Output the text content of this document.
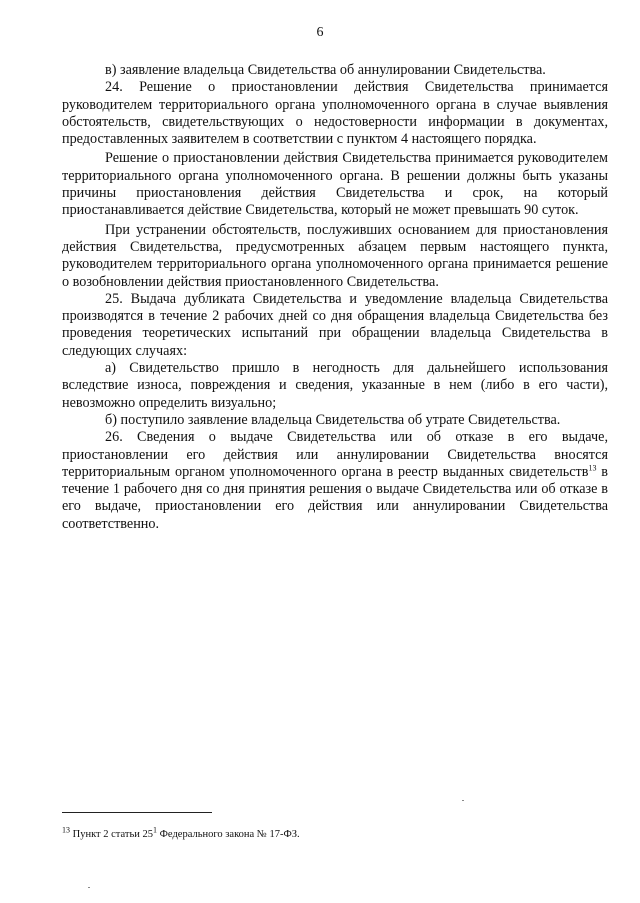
6

в) заявление владельца Свидетельства об аннулировании Свидетельства.

24. Решение о приостановлении действия Свидетельства принимается руководителем территориального органа уполномоченного органа в случае выявления обстоятельств, свидетельствующих о недостоверности информации в документах, предоставленных заявителем в соответствии с пунктом 4 настоящего порядка.

Решение о приостановлении действия Свидетельства принимается руководителем территориального органа уполномоченного органа. В решении должны быть указаны причины приостановления действия Свидетельства и срок, на который приостанавливается действие Свидетельства, который не может превышать 90 суток.

При устранении обстоятельств, послуживших основанием для приостановления действия Свидетельства, предусмотренных абзацем первым настоящего пункта, руководителем территориального органа уполномоченного органа принимается решение о возобновлении действия приостановленного Свидетельства.

25. Выдача дубликата Свидетельства и уведомление владельца Свидетельства производятся в течение 2 рабочих дней со дня обращения владельца Свидетельства без проведения теоретических испытаний при обращении владельца Свидетельства в следующих случаях:

а) Свидетельство пришло в негодность для дальнейшего использования вследствие износа, повреждения и сведения, указанные в нем (либо в его части), невозможно определить визуально;

б) поступило заявление владельца Свидетельства об утрате Свидетельства.

26. Сведения о выдаче Свидетельства или об отказе в его выдаче, приостановлении его действия или аннулировании Свидетельства вносятся территориальным органом уполномоченного органа в реестр выданных свидетельств$^{13}$ в течение 1 рабочего дня со дня принятия решения о выдаче Свидетельства или об отказе в его выдаче, приостановлении его действия или аннулировании Свидетельства соответственно.

$^{13}$ Пункт 2 статьи $25^1$ Федерального закона № 17-ФЗ.
